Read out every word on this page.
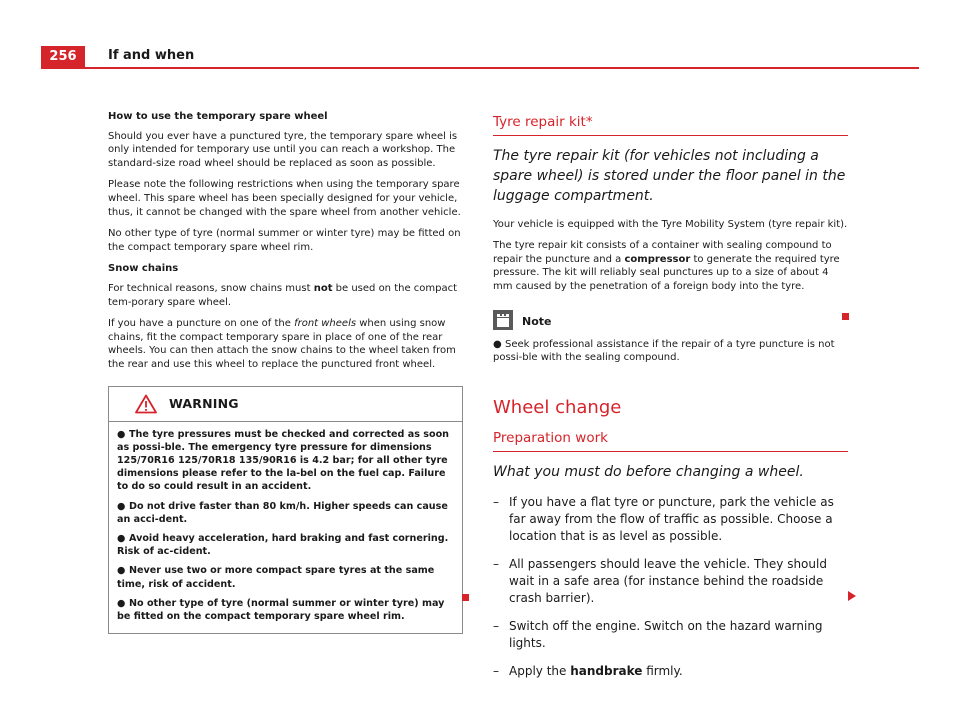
256	If and when

How to use the temporary spare wheel

Should you ever have a punctured tyre, the temporary spare wheel is only intended for temporary use until you can reach a workshop. The standard-size road wheel should be replaced as soon as possible.

Please note the following restrictions when using the temporary spare wheel. This spare wheel has been specially designed for your vehicle, thus, it cannot be changed with the spare wheel from another vehicle.

No other type of tyre (normal summer or winter tyre) may be fitted on the compact temporary spare wheel rim.

Snow chains

For technical reasons, snow chains must not be used on the compact tem-porary spare wheel.

If you have a puncture on one of the front wheels when using snow chains, fit the compact temporary spare in place of one of the rear wheels. You can then attach the snow chains to the wheel taken from the rear and use this wheel to replace the punctured front wheel.

WARNING
● The tyre pressures must be checked and corrected as soon as possi-ble. The emergency tyre pressure for dimensions 125/70R16 125/70R18 135/90R16 is 4.2 bar; for all other tyre dimensions please refer to the la-bel on the fuel cap. Failure to do so could result in an accident.
● Do not drive faster than 80 km/h. Higher speeds can cause an acci-dent.
● Avoid heavy acceleration, hard braking and fast cornering. Risk of ac-cident.
● Never use two or more compact spare tyres at the same time, risk of accident.
● No other type of tyre (normal summer or winter tyre) may be fitted on the compact temporary spare wheel rim.
Tyre repair kit*
The tyre repair kit (for vehicles not including a spare wheel) is stored under the floor panel in the luggage compartment.

Your vehicle is equipped with the Tyre Mobility System (tyre repair kit).

The tyre repair kit consists of a container with sealing compound to repair the puncture and a compressor to generate the required tyre pressure. The kit will reliably seal punctures up to a size of about 4 mm caused by the penetration of a foreign body into the tyre.

Note
● Seek professional assistance if the repair of a tyre puncture is not possi-ble with the sealing compound.
Wheel change
Preparation work
What you must do before changing a wheel.
– If you have a flat tyre or puncture, park the vehicle as far away from the flow of traffic as possible. Choose a location that is as level as possible.
– All passengers should leave the vehicle. They should wait in a safe area (for instance behind the roadside crash barrier).
– Switch off the engine. Switch on the hazard warning lights.
– Apply the handbrake firmly.
